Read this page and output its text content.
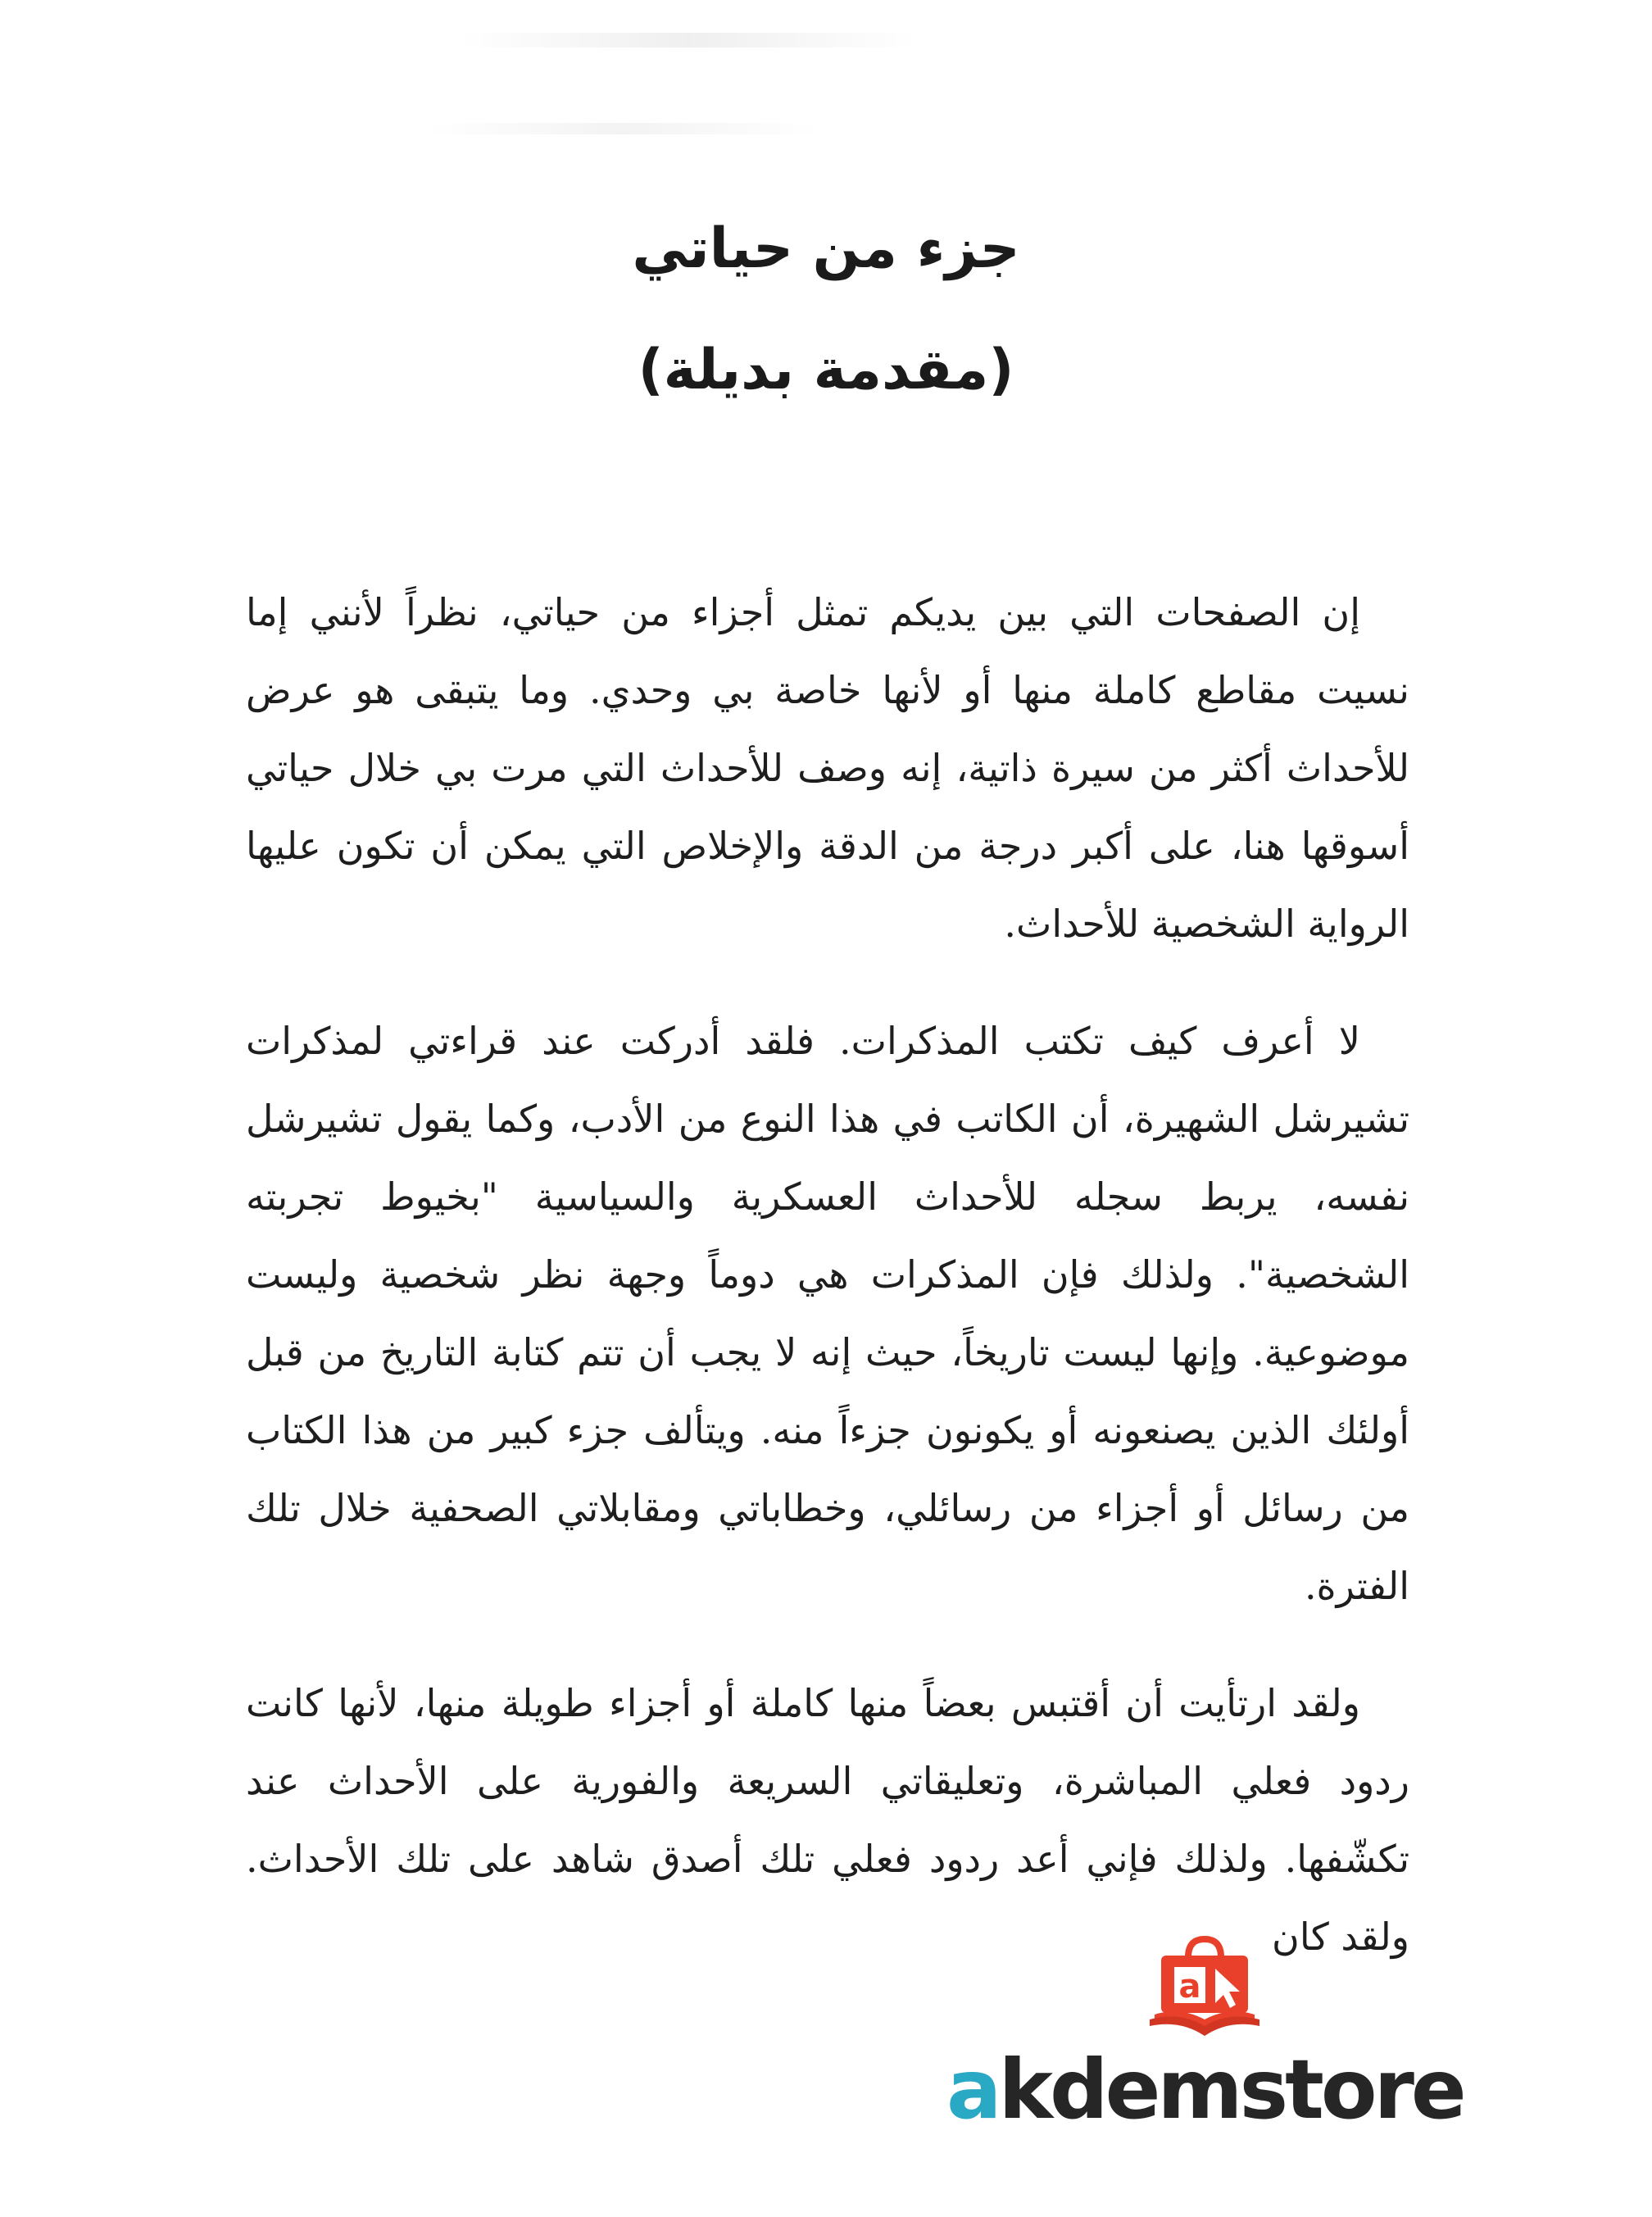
جزء من حياتي
(مقدمة بديلة)

إن الصفحات التي بين يديكم تمثل أجزاء من حياتي، نظراً لأنني إما نسيت مقاطع كاملة منها أو لأنها خاصة بي وحدي. وما يتبقى هو عرض للأحداث أكثر من سيرة ذاتية، إنه وصف للأحداث التي مرت بي خلال حياتي أسوقها هنا، على أكبر درجة من الدقة والإخلاص التي يمكن أن تكون عليها الرواية الشخصية للأحداث.

لا أعرف كيف تكتب المذكرات. فلقد أدركت عند قراءتي لمذكرات تشيرشل الشهيرة، أن الكاتب في هذا النوع من الأدب، وكما يقول تشيرشل نفسه، يربط سجله للأحداث العسكرية والسياسية "بخيوط تجربته الشخصية". ولذلك فإن المذكرات هي دوماً وجهة نظر شخصية وليست موضوعية. وإنها ليست تاريخاً، حيث إنه لا يجب أن تتم كتابة التاريخ من قبل أولئك الذين يصنعونه أو يكونون جزءاً منه. ويتألف جزء كبير من هذا الكتاب من رسائل أو أجزاء من رسائلي، وخطاباتي ومقابلاتي الصحفية خلال تلك الفترة.

ولقد ارتأيت أن أقتبس بعضاً منها كاملة أو أجزاء طويلة منها، لأنها كانت ردود فعلي المباشرة، وتعليقاتي السريعة والفورية على الأحداث عند تكشّفها. ولذلك فإني أعد ردود فعلي تلك أصدق شاهد على تلك الأحداث. ولقد كان

a
akdemstore
